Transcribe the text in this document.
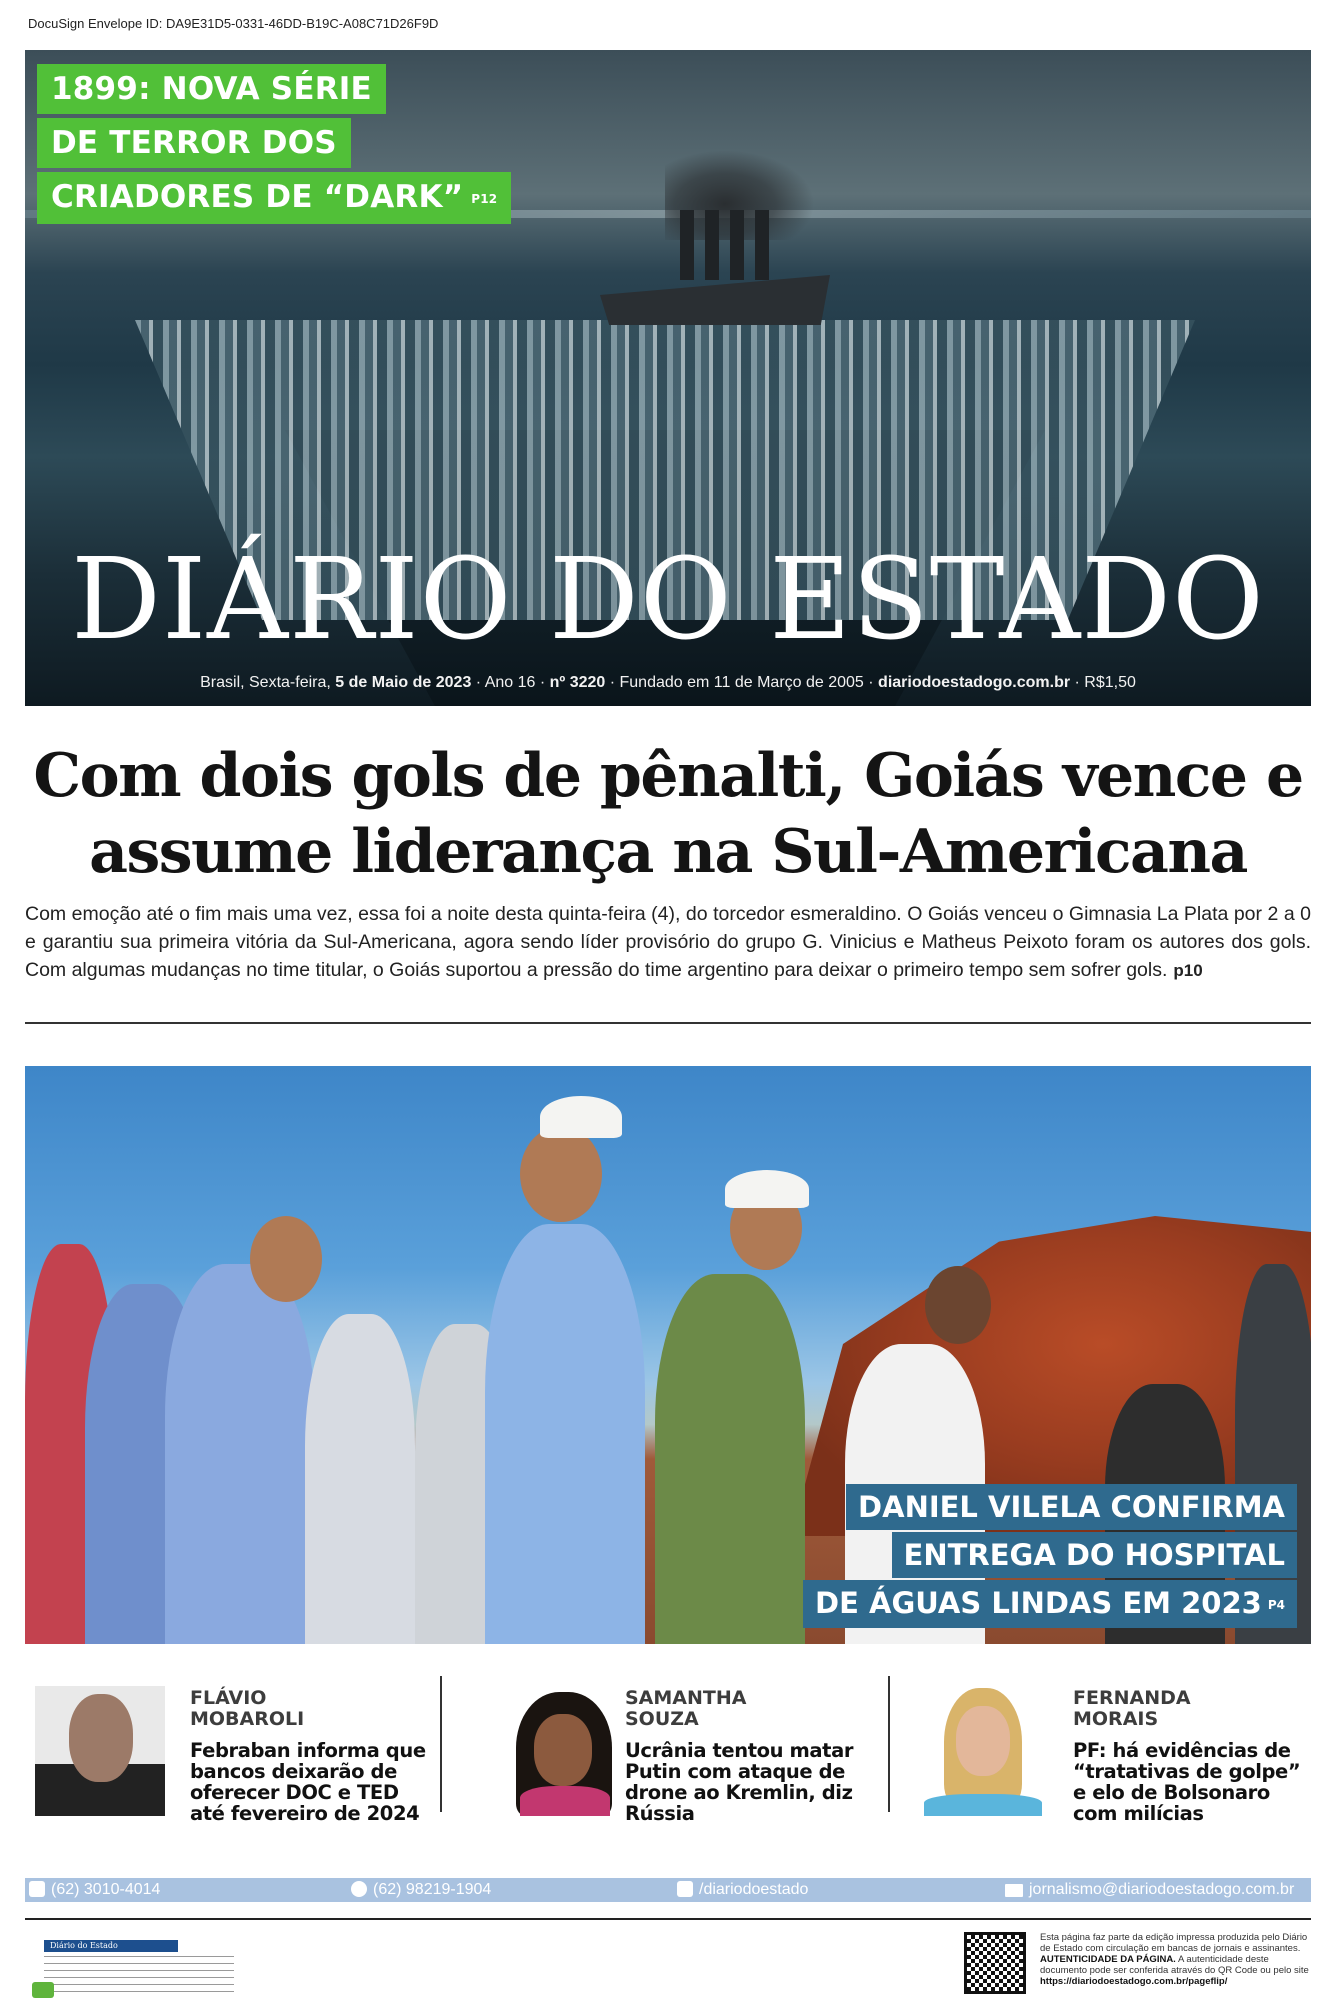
DocuSign Envelope ID: DA9E31D5-0331-46DD-B19C-A08C71D26F9D
1899: NOVA SÉRIE
DE TERROR DOS
CRIADORES DE “DARK” P12
DIÁRIO DO ESTADO
Brasil, Sexta-feira, 5 de Maio de 2023 · Ano 16 · nº 3220 · Fundado em 11 de Março de 2005 · diariodoestadogo.com.br · R$1,50
Com dois gols de pênalti, Goiás vence e
assume liderança na Sul-Americana
Com emoção até o fim mais uma vez, essa foi a noite desta quinta-feira (4), do torcedor esmeraldino. O Goiás venceu o Gimnasia La Plata por 2 a 0 e garantiu sua primeira vitória da Sul-Americana, agora sendo líder provisório do grupo G. Vinicius e Matheus Peixoto foram os autores dos gols. Com algumas mudanças no time titular, o Goiás suportou a pressão do time argentino para deixar o primeiro tempo sem sofrer gols. p10
DANIEL VILELA CONFIRMA
ENTREGA DO HOSPITAL
DE ÁGUAS LINDAS EM 2023 P4
FLÁVIO
MOBAROLI
Febraban informa que bancos deixarão de oferecer DOC e TED até fevereiro de 2024
SAMANTHA
SOUZA
Ucrânia tentou matar Putin com ataque de drone ao Kremlin, diz Rússia
FERNANDA
MORAIS
PF: há evidências de “tratativas de golpe” e elo de Bolsonaro com milícias
(62) 3010-4014	(62) 98219-1904	/diariodoestado	jornalismo@diariodoestadogo.com.br
Diário do Estado
Esta página faz parte da edição impressa produzida pelo Diário de Estado com circulação em bancas de jornais e assinantes. AUTENTICIDADE DA PÁGINA. A autenticidade deste documento pode ser conferida através do QR Code ou pelo site https://diariodoestadogo.com.br/pageflip/
